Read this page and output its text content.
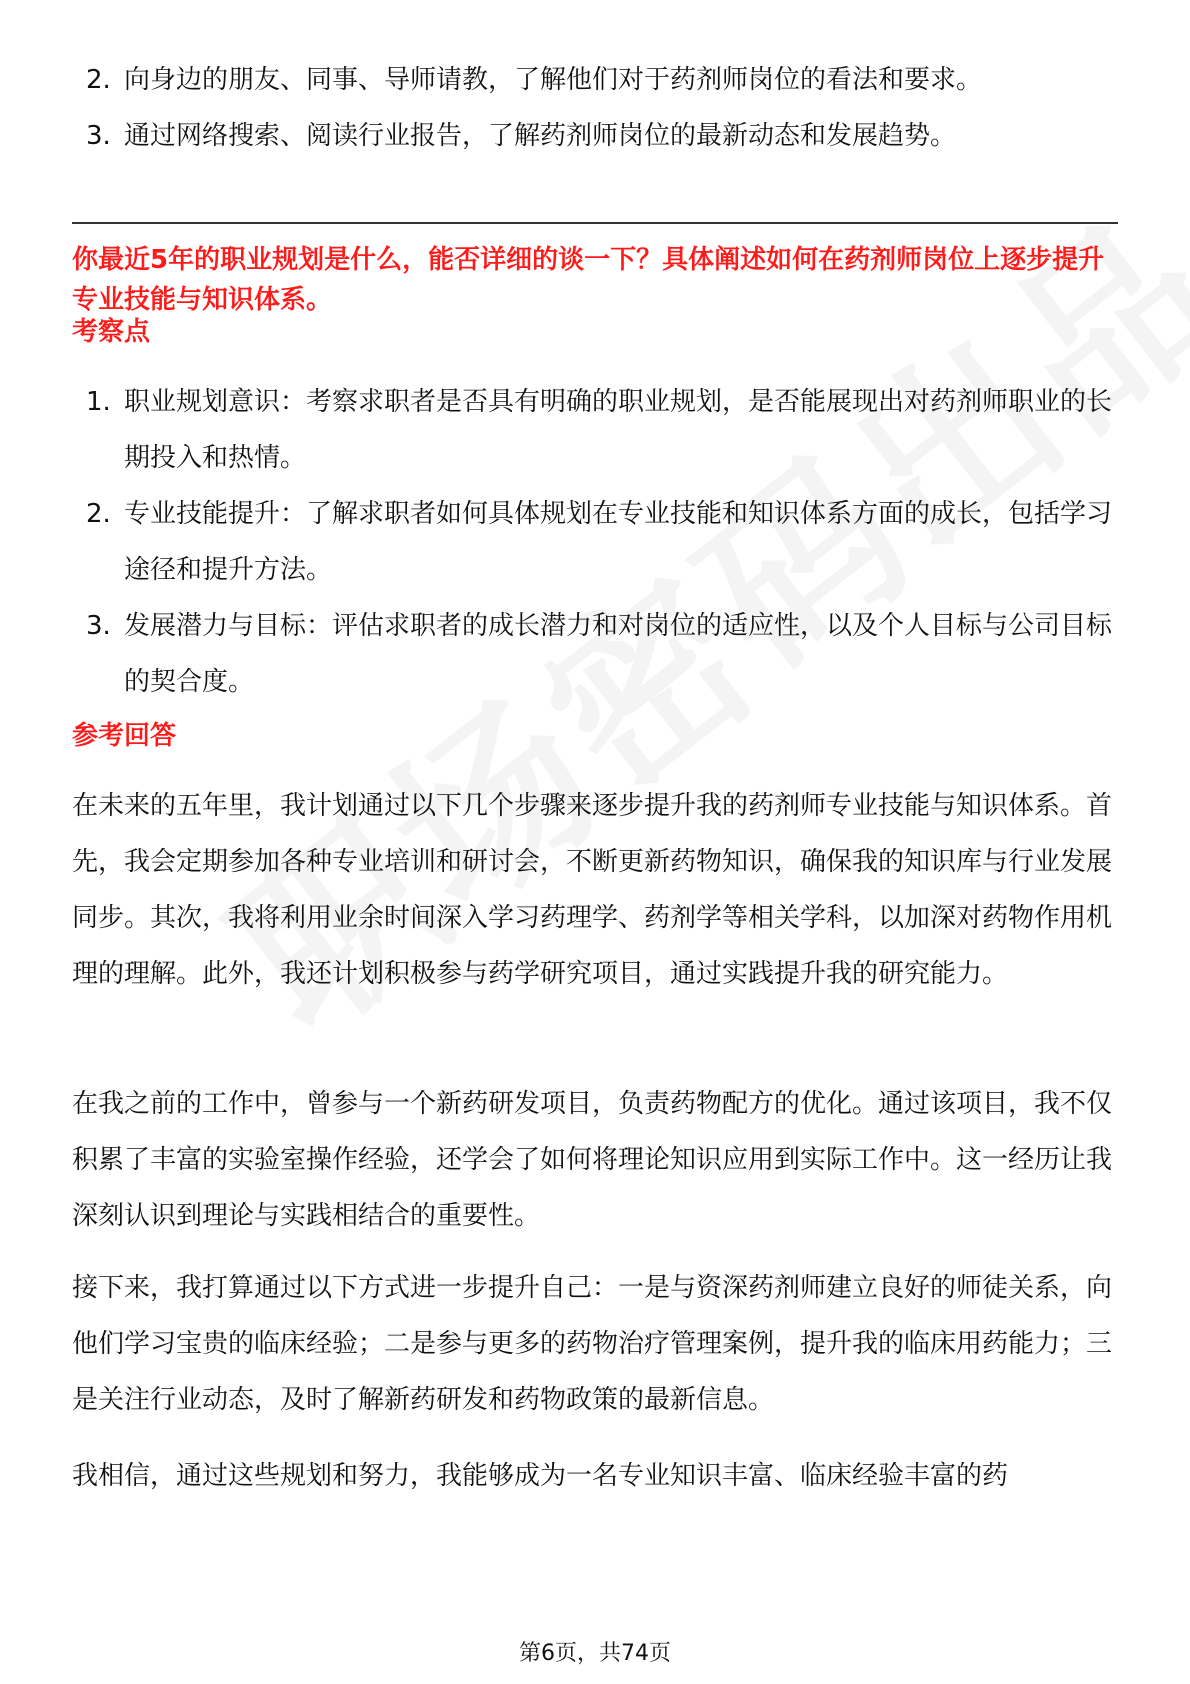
2. 向身边的朋友、同事、导师请教，了解他们对于药剂师岗位的看法和要求。
3. 通过网络搜索、阅读行业报告，了解药剂师岗位的最新动态和发展趋势。
你最近5年的职业规划是什么，能否详细的谈一下？具体阐述如何在药剂师岗位上逐步提升专业技能与知识体系。
考察点
1. 职业规划意识：考察求职者是否具有明确的职业规划，是否能展现出对药剂师职业的长期投入和热情。
2. 专业技能提升：了解求职者如何具体规划在专业技能和知识体系方面的成长，包括学习途径和提升方法。
3. 发展潜力与目标：评估求职者的成长潜力和对岗位的适应性，以及个人目标与公司目标的契合度。
参考回答

在未来的五年里，我计划通过以下几个步骤来逐步提升我的药剂师专业技能与知识体系。首先，我会定期参加各种专业培训和研讨会，不断更新药物知识，确保我的知识库与行业发展同步。其次，我将利用业余时间深入学习药理学、药剂学等相关学科，以加深对药物作用机理的理解。此外，我还计划积极参与药学研究项目，通过实践提升我的研究能力。

在我之前的工作中，曾参与一个新药研发项目，负责药物配方的优化。通过该项目，我不仅积累了丰富的实验室操作经验，还学会了如何将理论知识应用到实际工作中。这一经历让我深刻认识到理论与实践相结合的重要性。

接下来，我打算通过以下方式进一步提升自己：一是与资深药剂师建立良好的师徒关系，向他们学习宝贵的临床经验；二是参与更多的药物治疗管理案例，提升我的临床用药能力；三是关注行业动态，及时了解新药研发和药物政策的最新信息。

我相信，通过这些规划和努力，我能够成为一名专业知识丰富、临床经验丰富的药

第6页，共74页
